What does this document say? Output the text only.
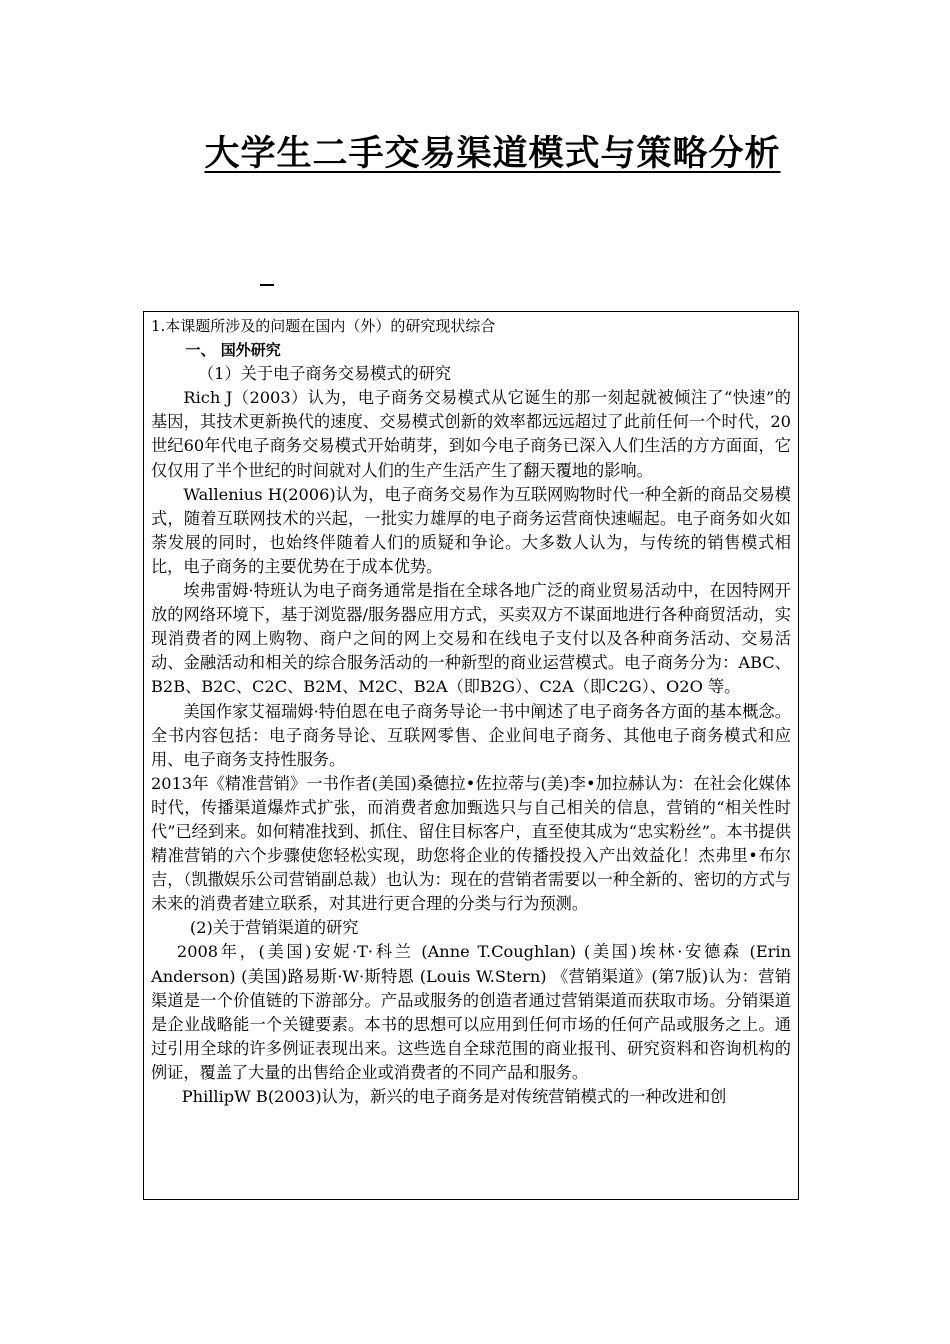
大学生二手交易渠道模式与策略分析

1.本课题所涉及的问题在国内（外）的研究现状综合

一、 国外研究

（1）关于电子商务交易模式的研究

Rich J（2003）认为，电子商务交易模式从它诞生的那一刻起就被倾注了“快速”的基因，其技术更新换代的速度、交易模式创新的效率都远远超过了此前任何一个时代，20世纪60年代电子商务交易模式开始萌芽，到如今电子商务已深入人们生活的方方面面，它仅仅用了半个世纪的时间就对人们的生产生活产生了翻天覆地的影响。

Wallenius H(2006)认为，电子商务交易作为互联网购物时代一种全新的商品交易模式，随着互联网技术的兴起，一批实力雄厚的电子商务运营商快速崛起。电子商务如火如荼发展的同时，也始终伴随着人们的质疑和争论。大多数人认为，与传统的销售模式相比，电子商务的主要优势在于成本优势。

埃弗雷姆·特班认为电子商务通常是指在全球各地广泛的商业贸易活动中，在因特网开放的网络环境下，基于浏览器/服务器应用方式，买卖双方不谋面地进行各种商贸活动，实现消费者的网上购物、商户之间的网上交易和在线电子支付以及各种商务活动、交易活动、金融活动和相关的综合服务活动的一种新型的商业运营模式。电子商务分为：ABC、B2B、B2C、C2C、B2M、M2C、B2A（即B2G）、C2A（即C2G）、O2O 等。

美国作家艾福瑞姆·特伯恩在电子商务导论一书中阐述了电子商务各方面的基本概念。全书内容包括：电子商务导论、互联网零售、企业间电子商务、其他电子商务模式和应用、电子商务支持性服务。

2013年《精准营销》一书作者(美国)桑德拉•佐拉蒂与(美)李•加拉赫认为：在社会化媒体时代，传播渠道爆炸式扩张，而消费者愈加甄选只与自己相关的信息，营销的“相关性时代”已经到来。如何精准找到、抓住、留住目标客户，直至使其成为“忠实粉丝”。本书提供精准营销的六个步骤使您轻松实现，助您将企业的传播投投入产出效益化！杰弗里•布尔吉，（凯撒娱乐公司营销副总裁）也认为：现在的营销者需要以一种全新的、密切的方式与未来的消费者建立联系，对其进行更合理的分类与行为预测。

(2)关于营销渠道的研究

2008年，(美国)安妮·T·科兰 (Anne T.Coughlan) (美国)埃林·安德森 (Erin Anderson) (美国)路易斯·W·斯特恩 (Louis W.Stern) 《营销渠道》(第7版)认为：营销渠道是一个价值链的下游部分。产品或服务的创造者通过营销渠道而获取市场。分销渠道是企业战略能一个关键要素。本书的思想可以应用到任何市场的任何产品或服务之上。通过引用全球的许多例证表现出来。这些选自全球范围的商业报刊、研究资料和咨询机构的例证，覆盖了大量的出售给企业或消费者的不同产品和服务。

PhillipW B(2003)认为，新兴的电子商务是对传统营销模式的一种改进和创
